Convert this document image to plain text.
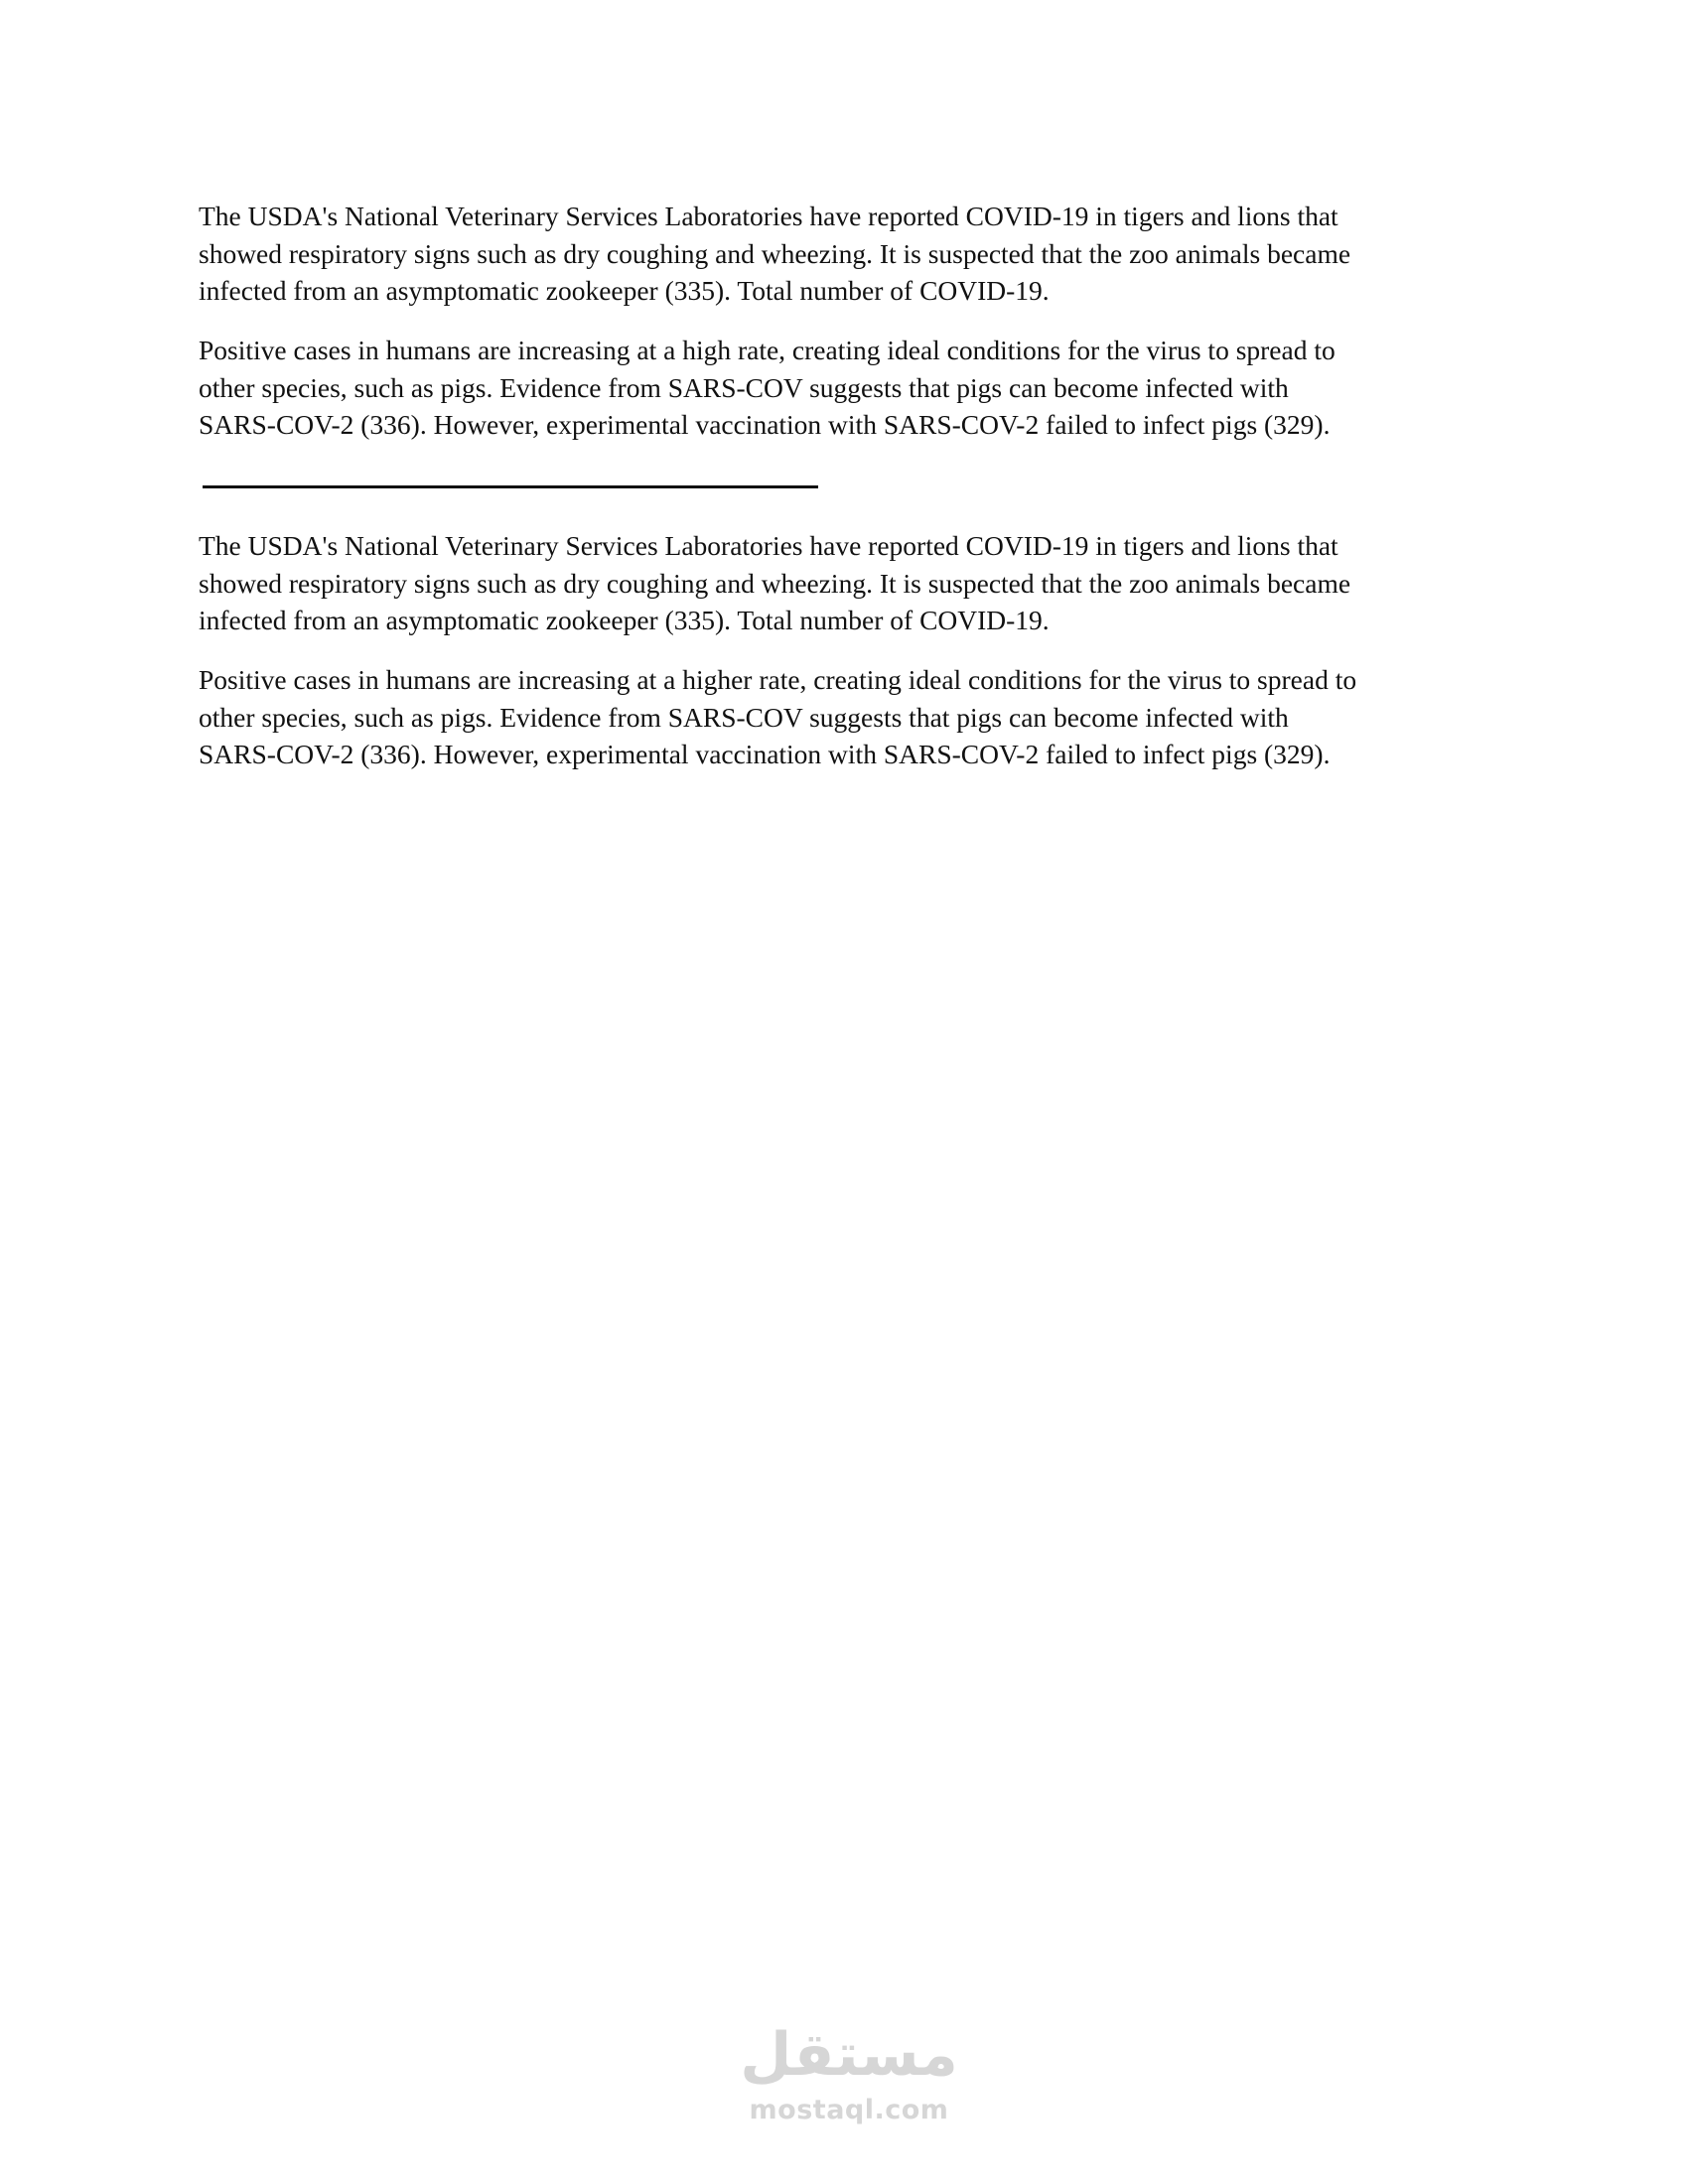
The USDA's National Veterinary Services Laboratories have reported COVID-19 in tigers and lions that
showed respiratory signs such as dry coughing and wheezing. It is suspected that the zoo animals became
infected from an asymptomatic zookeeper (335). Total number of COVID-19.

Positive cases in humans are increasing at a high rate, creating ideal conditions for the virus to spread to
other species, such as pigs. Evidence from SARS-COV suggests that pigs can become infected with
SARS-COV-2 (336). However, experimental vaccination with SARS-COV-2 failed to infect pigs (329).

The USDA's National Veterinary Services Laboratories have reported COVID-19 in tigers and lions that
showed respiratory signs such as dry coughing and wheezing. It is suspected that the zoo animals became
infected from an asymptomatic zookeeper (335). Total number of COVID-19.

Positive cases in humans are increasing at a higher rate, creating ideal conditions for the virus to spread to
other species, such as pigs. Evidence from SARS-COV suggests that pigs can become infected with
SARS-COV-2 (336). However, experimental vaccination with SARS-COV-2 failed to infect pigs (329).

مستقل
mostaql.com
